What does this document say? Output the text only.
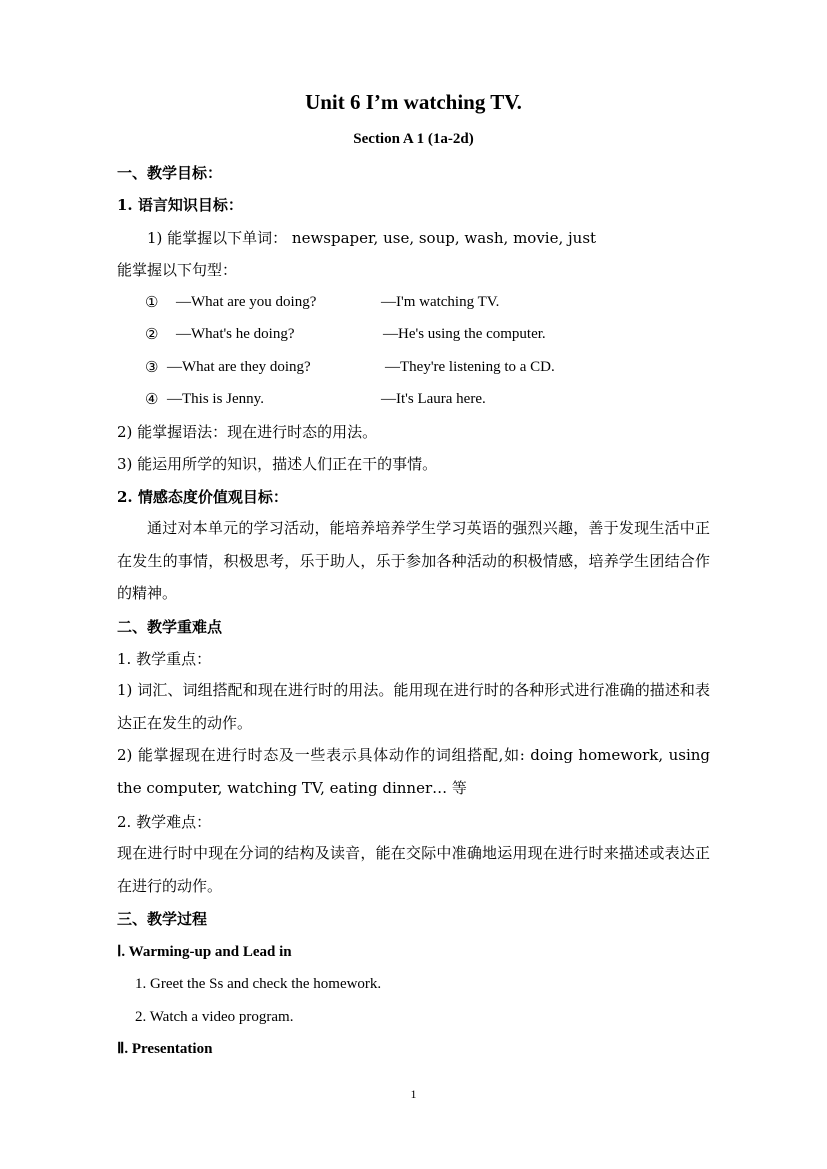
Unit 6 I’m watching TV.
Section A 1 (1a-2d)
一、教学目标：
1. 语言知识目标：
1) 能掌握以下单词： newspaper, use, soup, wash, movie, just
能掌握以下句型：
① —What are you doing?	—I'm watching TV.
② —What's he doing?	—He's using the computer.
③ —What are they doing?	—They're listening to a CD.
④ —This is Jenny.	—It's Laura here.
2) 能掌握语法：现在进行时态的用法。
3) 能运用所学的知识，描述人们正在干的事情。
2. 情感态度价值观目标：
通过对本单元的学习活动，能培养培养学生学习英语的强烈兴趣，善于发现生活中正在发生的事情，积极思考，乐于助人，乐于参加各种活动的积极情感，培养学生团结合作的精神。
二、教学重难点
1. 教学重点：
1) 词汇、词组搭配和现在进行时的用法。能用现在进行时的各种形式进行准确的描述和表达正在发生的动作。
2) 能掌握现在进行时态及一些表示具体动作的词组搭配,如: doing homework, using the computer, watching TV, eating dinner… 等
2. 教学难点：
现在进行时中现在分词的结构及读音，能在交际中准确地运用现在进行时来描述或表达正在进行的动作。
三、教学过程
Ⅰ. Warming-up and Lead in
1. Greet the Ss and check the homework.
2. Watch a video program.
Ⅱ. Presentation
1
